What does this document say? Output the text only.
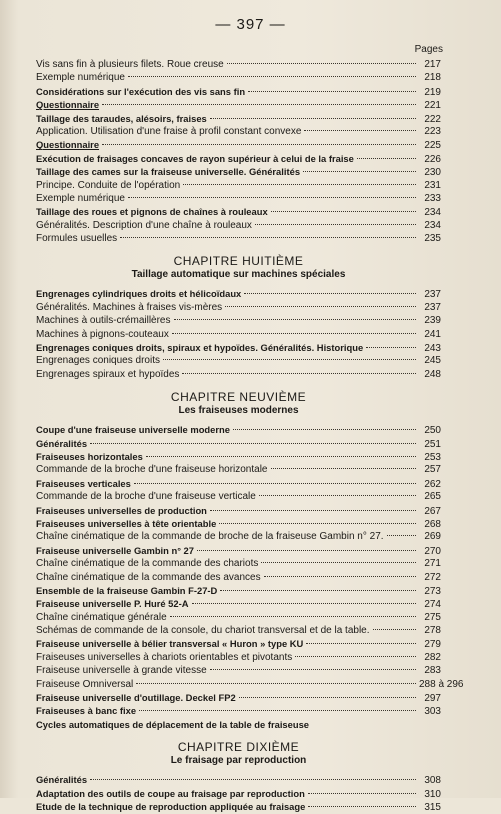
— 397 —
Pages
Vis sans fin à plusieurs filets. Roue creuse	217
Exemple numérique	218
Considérations sur l'exécution des vis sans fin	219
Questionnaire	221
Taillage des taraudes, alésoirs, fraises	222
Application. Utilisation d'une fraise à profil constant convexe	223
Questionnaire	225
Exécution de fraisages concaves de rayon supérieur à celui de la fraise	226
Taillage des cames sur la fraiseuse universelle. Généralités	230
Principe. Conduite de l'opération	231
Exemple numérique	233
Taillage des roues et pignons de chaînes à rouleaux	234
Généralités. Description d'une chaîne à rouleaux	234
Formules usuelles	235
CHAPITRE HUITIÈME
Taillage automatique sur machines spéciales
Engrenages cylindriques droits et hélicoïdaux	237
Généralités. Machines à fraises vis-mères	237
Machines à outils-crémaillères	239
Machines à pignons-couteaux	241
Engrenages coniques droits, spiraux et hypoïdes. Généralités. Historique	243
Engrenages coniques droits	245
Engrenages spiraux et hypoïdes	248
CHAPITRE NEUVIÈME
Les fraiseuses modernes
Coupe d'une fraiseuse universelle moderne	250
Généralités	251
Fraiseuses horizontales	253
Commande de la broche d'une fraiseuse horizontale	257
Fraiseuses verticales	262
Commande de la broche d'une fraiseuse verticale	265
Fraiseuses universelles de production	267
Fraiseuses universelles à tête orientable	268
Chaîne cinématique de la commande de broche de la fraiseuse Gambin n° 27.	269
Fraiseuse universelle Gambin n° 27	270
Chaîne cinématique de la commande des chariots	271
Chaîne cinématique de la commande des avances	272
Ensemble de la fraiseuse Gambin F-27-D	273
Fraiseuse universelle P. Huré 52-A	274
Chaîne cinématique générale	275
Schémas de commande de la console, du chariot transversal et de la table.	278
Fraiseuse universelle à bélier transversal « Huron » type KU	279
Fraiseuses universelles à chariots orientables et pivotants	282
Fraiseuse universelle à grande vitesse	283
Fraiseuse Omniversal	288 à 296
Fraiseuse universelle d'outillage. Deckel FP2	297
Fraiseuses à banc fixe	303
Cycles automatiques de déplacement de la table de fraiseuse
CHAPITRE DIXIÈME
Le fraisage par reproduction
Généralités	308
Adaptation des outils de coupe au fraisage par reproduction	310
Etude de la technique de reproduction appliquée au fraisage	315
